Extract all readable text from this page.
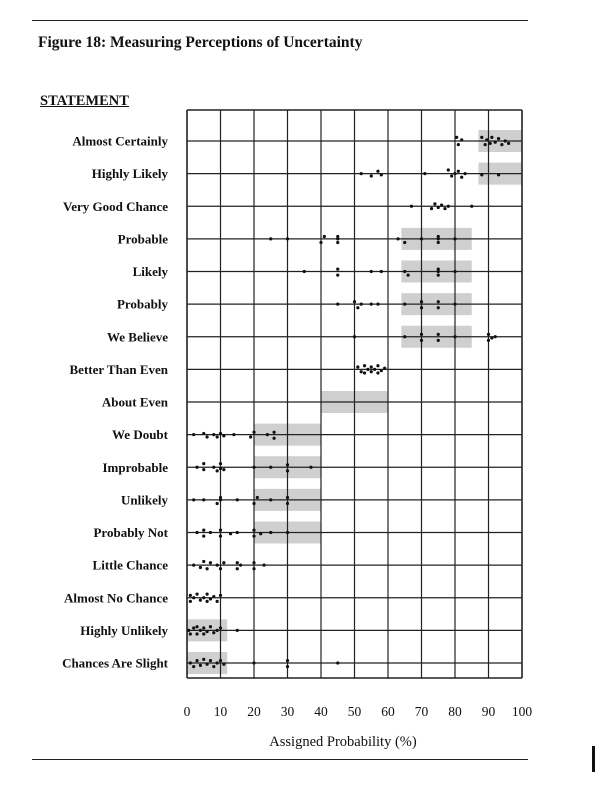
Figure 18: Measuring Perceptions of Uncertainty
STATEMENT
Almost Certainly
Highly Likely
Very Good Chance
Probable
Likely
Probably
We Believe
Better Than Even
About Even
We Doubt
Improbable
Unlikely
Probably Not
Little Chance
Almost No Chance
Highly Unlikely
Chances Are Slight
0 10 20 30 40 50 60 70 80 90 100
Assigned Probability (%)
